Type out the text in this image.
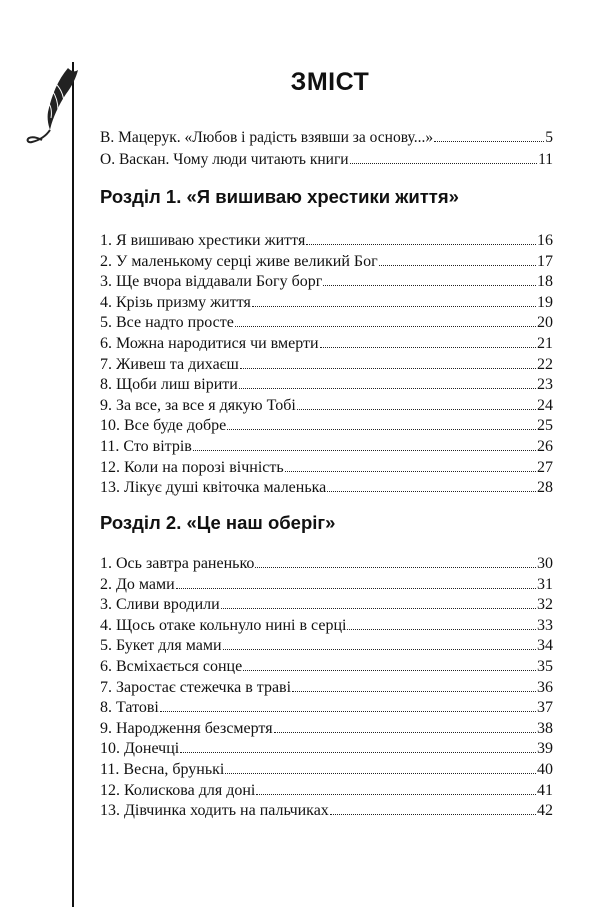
ЗМІСТ
В. Мацерук. «Любов і радість взявши за основу...»	5
О. Васкан. Чому люди читають книги	11
Розділ 1. «Я вишиваю хрестики життя»
1. Я вишиваю хрестики життя	16
2. У маленькому серці живе великий Бог	17
3. Ще вчора віддавали Богу борг	18
4. Крізь призму життя	19
5. Все надто просте	20
6. Можна народитися чи вмерти	21
7. Живеш та дихаєш	22
8. Щоби лиш вірити	23
9. За все, за все я дякую Тобі	24
10. Все буде добре	25
11. Сто вітрів	26
12. Коли на порозі вічність	27
13. Лікує душі квіточка маленька	28
Розділ 2. «Це наш оберіг»
1. Ось завтра раненько	30
2. До мами	31
3. Сливи вродили	32
4. Щось отаке кольнуло нині в серці	33
5. Букет для мами	34
6. Всміхається сонце	35
7. Заростає стежечка в траві	36
8. Татові	37
9. Народження безсмертя	38
10. Донечці	39
11. Весна, брунькі	40
12. Колискова для доні	41
13. Дівчинка ходить на пальчиках	42
